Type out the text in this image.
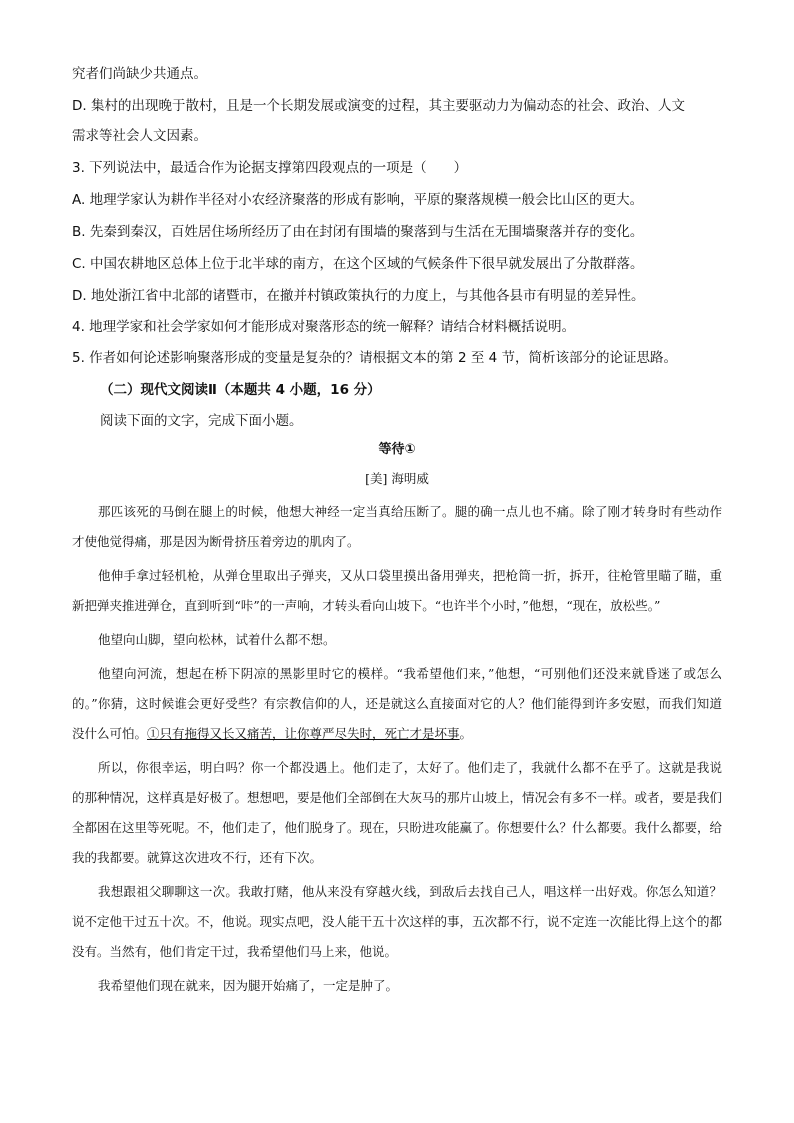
究者们尚缺少共通点。
D. 集村的出现晚于散村，且是一个长期发展或演变的过程，其主要驱动力为偏动态的社会、政治、人文
需求等社会人文因素。
3. 下列说法中，最适合作为论据支撑第四段观点的一项是（　　）
A. 地理学家认为耕作半径对小农经济聚落的形成有影响，平原的聚落规模一般会比山区的更大。
B. 先秦到秦汉，百姓居住场所经历了由在封闭有围墙的聚落到与生活在无围墙聚落并存的变化。
C. 中国农耕地区总体上位于北半球的南方，在这个区域的气候条件下很早就发展出了分散群落。
D. 地处浙江省中北部的诸暨市，在撤并村镇政策执行的力度上，与其他各县市有明显的差异性。
4. 地理学家和社会学家如何才能形成对聚落形态的统一解释？请结合材料概括说明。
5. 作者如何论述影响聚落形成的变量是复杂的？请根据文本的第 2 至 4 节，简析该部分的论证思路。
（二）现代文阅读Ⅱ（本题共 4 小题，16 分）
阅读下面的文字，完成下面小题。
等待①
[美] 海明威

那匹该死的马倒在腿上的时候，他想大神经一定当真给压断了。腿的确一点儿也不痛。除了刚才转身时有些动作才使他觉得痛，那是因为断骨挤压着旁边的肌肉了。

他伸手拿过轻机枪，从弹仓里取出子弹夹，又从口袋里摸出备用弹夹，把枪筒一折，拆开，往枪管里瞄了瞄，重新把弹夹推进弹仓，直到听到“咔”的一声响，才转头看向山坡下。“也许半个小时，”他想，“现在，放松些。”

他望向山脚，望向松林，试着什么都不想。

他望向河流，想起在桥下阴凉的黑影里时它的模样。“我希望他们来，”他想，“可别他们还没来就昏迷了或怎么的。”你猜，这时候谁会更好受些？有宗教信仰的人，还是就这么直接面对它的人？他们能得到许多安慰，而我们知道没什么可怕。①只有拖得又长又痛苦，让你尊严尽失时，死亡才是坏事。

所以，你很幸运，明白吗？你一个都没遇上。他们走了，太好了。他们走了，我就什么都不在乎了。这就是我说的那种情况，这样真是好极了。想想吧，要是他们全部倒在大灰马的那片山坡上，情况会有多不一样。或者，要是我们全都困在这里等死呢。不，他们走了，他们脱身了。现在，只盼进攻能赢了。你想要什么？什么都要。我什么都要，给我的我都要。就算这次进攻不行，还有下次。

我想跟祖父聊聊这一次。我敢打赌，他从来没有穿越火线，到敌后去找自己人，唱这样一出好戏。你怎么知道？说不定他干过五十次。不，他说。现实点吧，没人能干五十次这样的事，五次都不行，说不定连一次能比得上这个的都没有。当然有，他们肯定干过，我希望他们马上来，他说。

我希望他们现在就来，因为腿开始痛了，一定是肿了。
